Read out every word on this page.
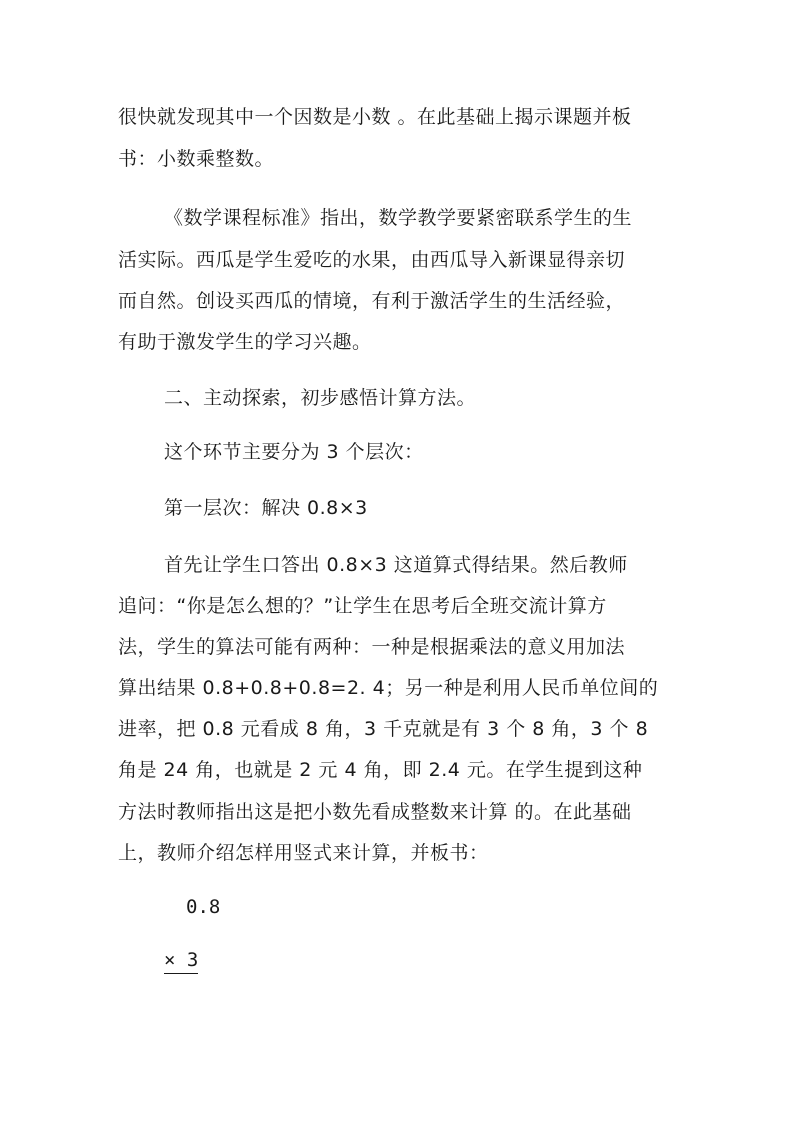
很快就发现其中一个因数是小数 。在此基础上揭示课题并板
书：小数乘整数。
《数学课程标准》指出，数学教学要紧密联系学生的生
活实际。西瓜是学生爱吃的水果，由西瓜导入新课显得亲切
而自然。创设买西瓜的情境，有利于激活学生的生活经验，
有助于激发学生的学习兴趣。
二、主动探索，初步感悟计算方法。
这个环节主要分为 3 个层次：
第一层次：解决 0.8×3
首先让学生口答出 0.8×3 这道算式得结果。然后教师
追问：“你是怎么想的？”让学生在思考后全班交流计算方
法，学生的算法可能有两种：一种是根据乘法的意义用加法
算出结果 0.8+0.8+0.8=2. 4；另一种是利用人民币单位间的
进率，把 0.8 元看成 8 角，3 千克就是有 3 个 8 角，3 个 8
角是 24 角，也就是 2 元 4 角，即 2.4 元。在学生提到这种
方法时教师指出这是把小数先看成整数来计算 的。在此基础
上，教师介绍怎样用竖式来计算，并板书：
0.8
× 3
